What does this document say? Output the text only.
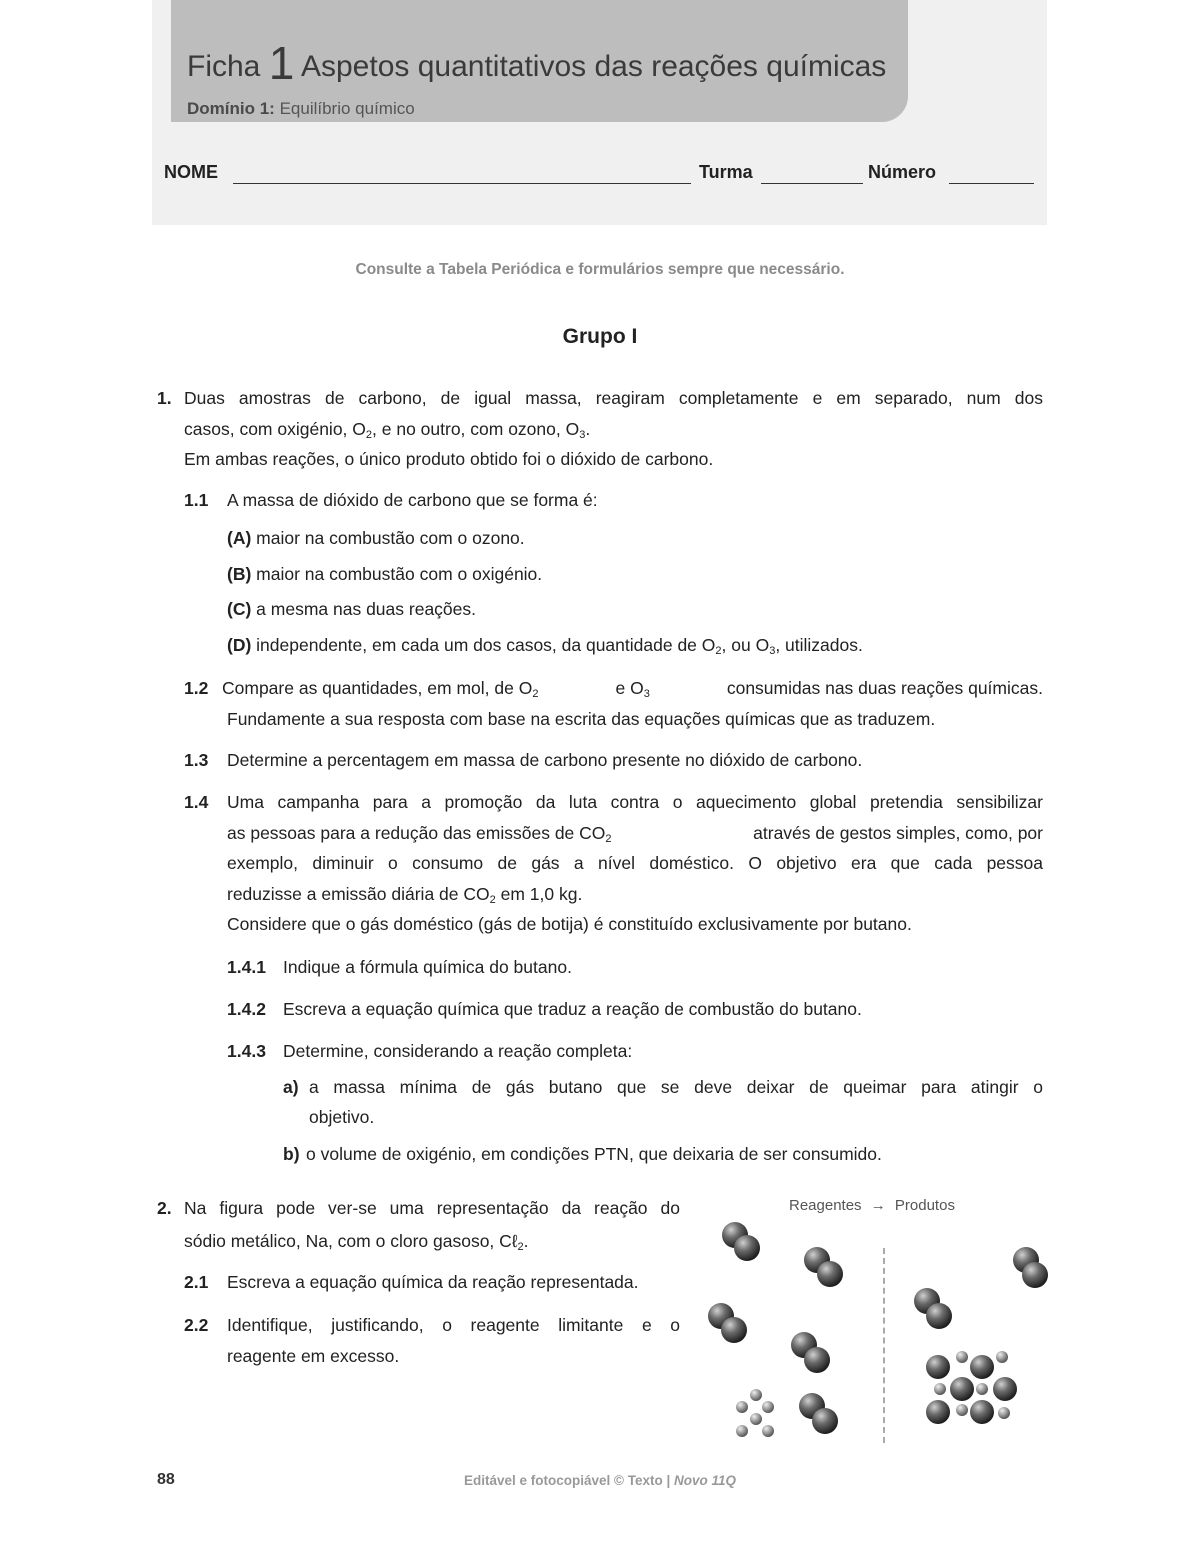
Ficha 1 Aspetos quantitativos das reações químicas
Domínio 1: Equilíbrio químico
NOME	Turma	Número
Consulte a Tabela Periódica e formulários sempre que necessário.
Grupo I
1. Duas amostras de carbono, de igual massa, reagiram completamente e em separado, num dos
casos, com oxigénio, $O_2$, e no outro, com ozono, $O_3$.
Em ambas reações, o único produto obtido foi o dióxido de carbono.
1.1 A massa de dióxido de carbono que se forma é:
(A) maior na combustão com o ozono.
(B) maior na combustão com o oxigénio.
(C) a mesma nas duas reações.
(D) independente, em cada um dos casos, da quantidade de $O_2$, ou $O_3$, utilizados.
1.2 Compare as quantidades, em mol, de $O_2$	e $O_3$	consumidas nas duas reações químicas.
Fundamente a sua resposta com base na escrita das equações químicas que as traduzem.
1.3 Determine a percentagem em massa de carbono presente no dióxido de carbono.
1.4 Uma campanha para a promoção da luta contra o aquecimento global pretendia sensibilizar
as pessoas para a redução das emissões de $CO_2$	através de gestos simples, como, por
exemplo, diminuir o consumo de gás a nível doméstico. O objetivo era que cada pessoa
reduzisse a emissão diária de $CO_2$ em 1,0 kg.
Considere que o gás doméstico (gás de botija) é constituído exclusivamente por butano.
1.4.1 Indique a fórmula química do butano.
1.4.2 Escreva a equação química que traduz a reação de combustão do butano.
1.4.3 Determine, considerando a reação completa:
a) a massa mínima de gás butano que se deve deixar de queimar para atingir o
objetivo.
b) o volume de oxigénio, em condições PTN, que deixaria de ser consumido.
2. Na figura pode ver-se uma representação da reação do
sódio metálico, Na, com o cloro gasoso, Cℓ$_2$.
2.1 Escreva a equação química da reação representada.
2.2 Identifique, justificando, o reagente limitante e o
reagente em excesso.
Reagentes → Produtos
88	Editável e fotocopiável © Texto | Novo 11Q
